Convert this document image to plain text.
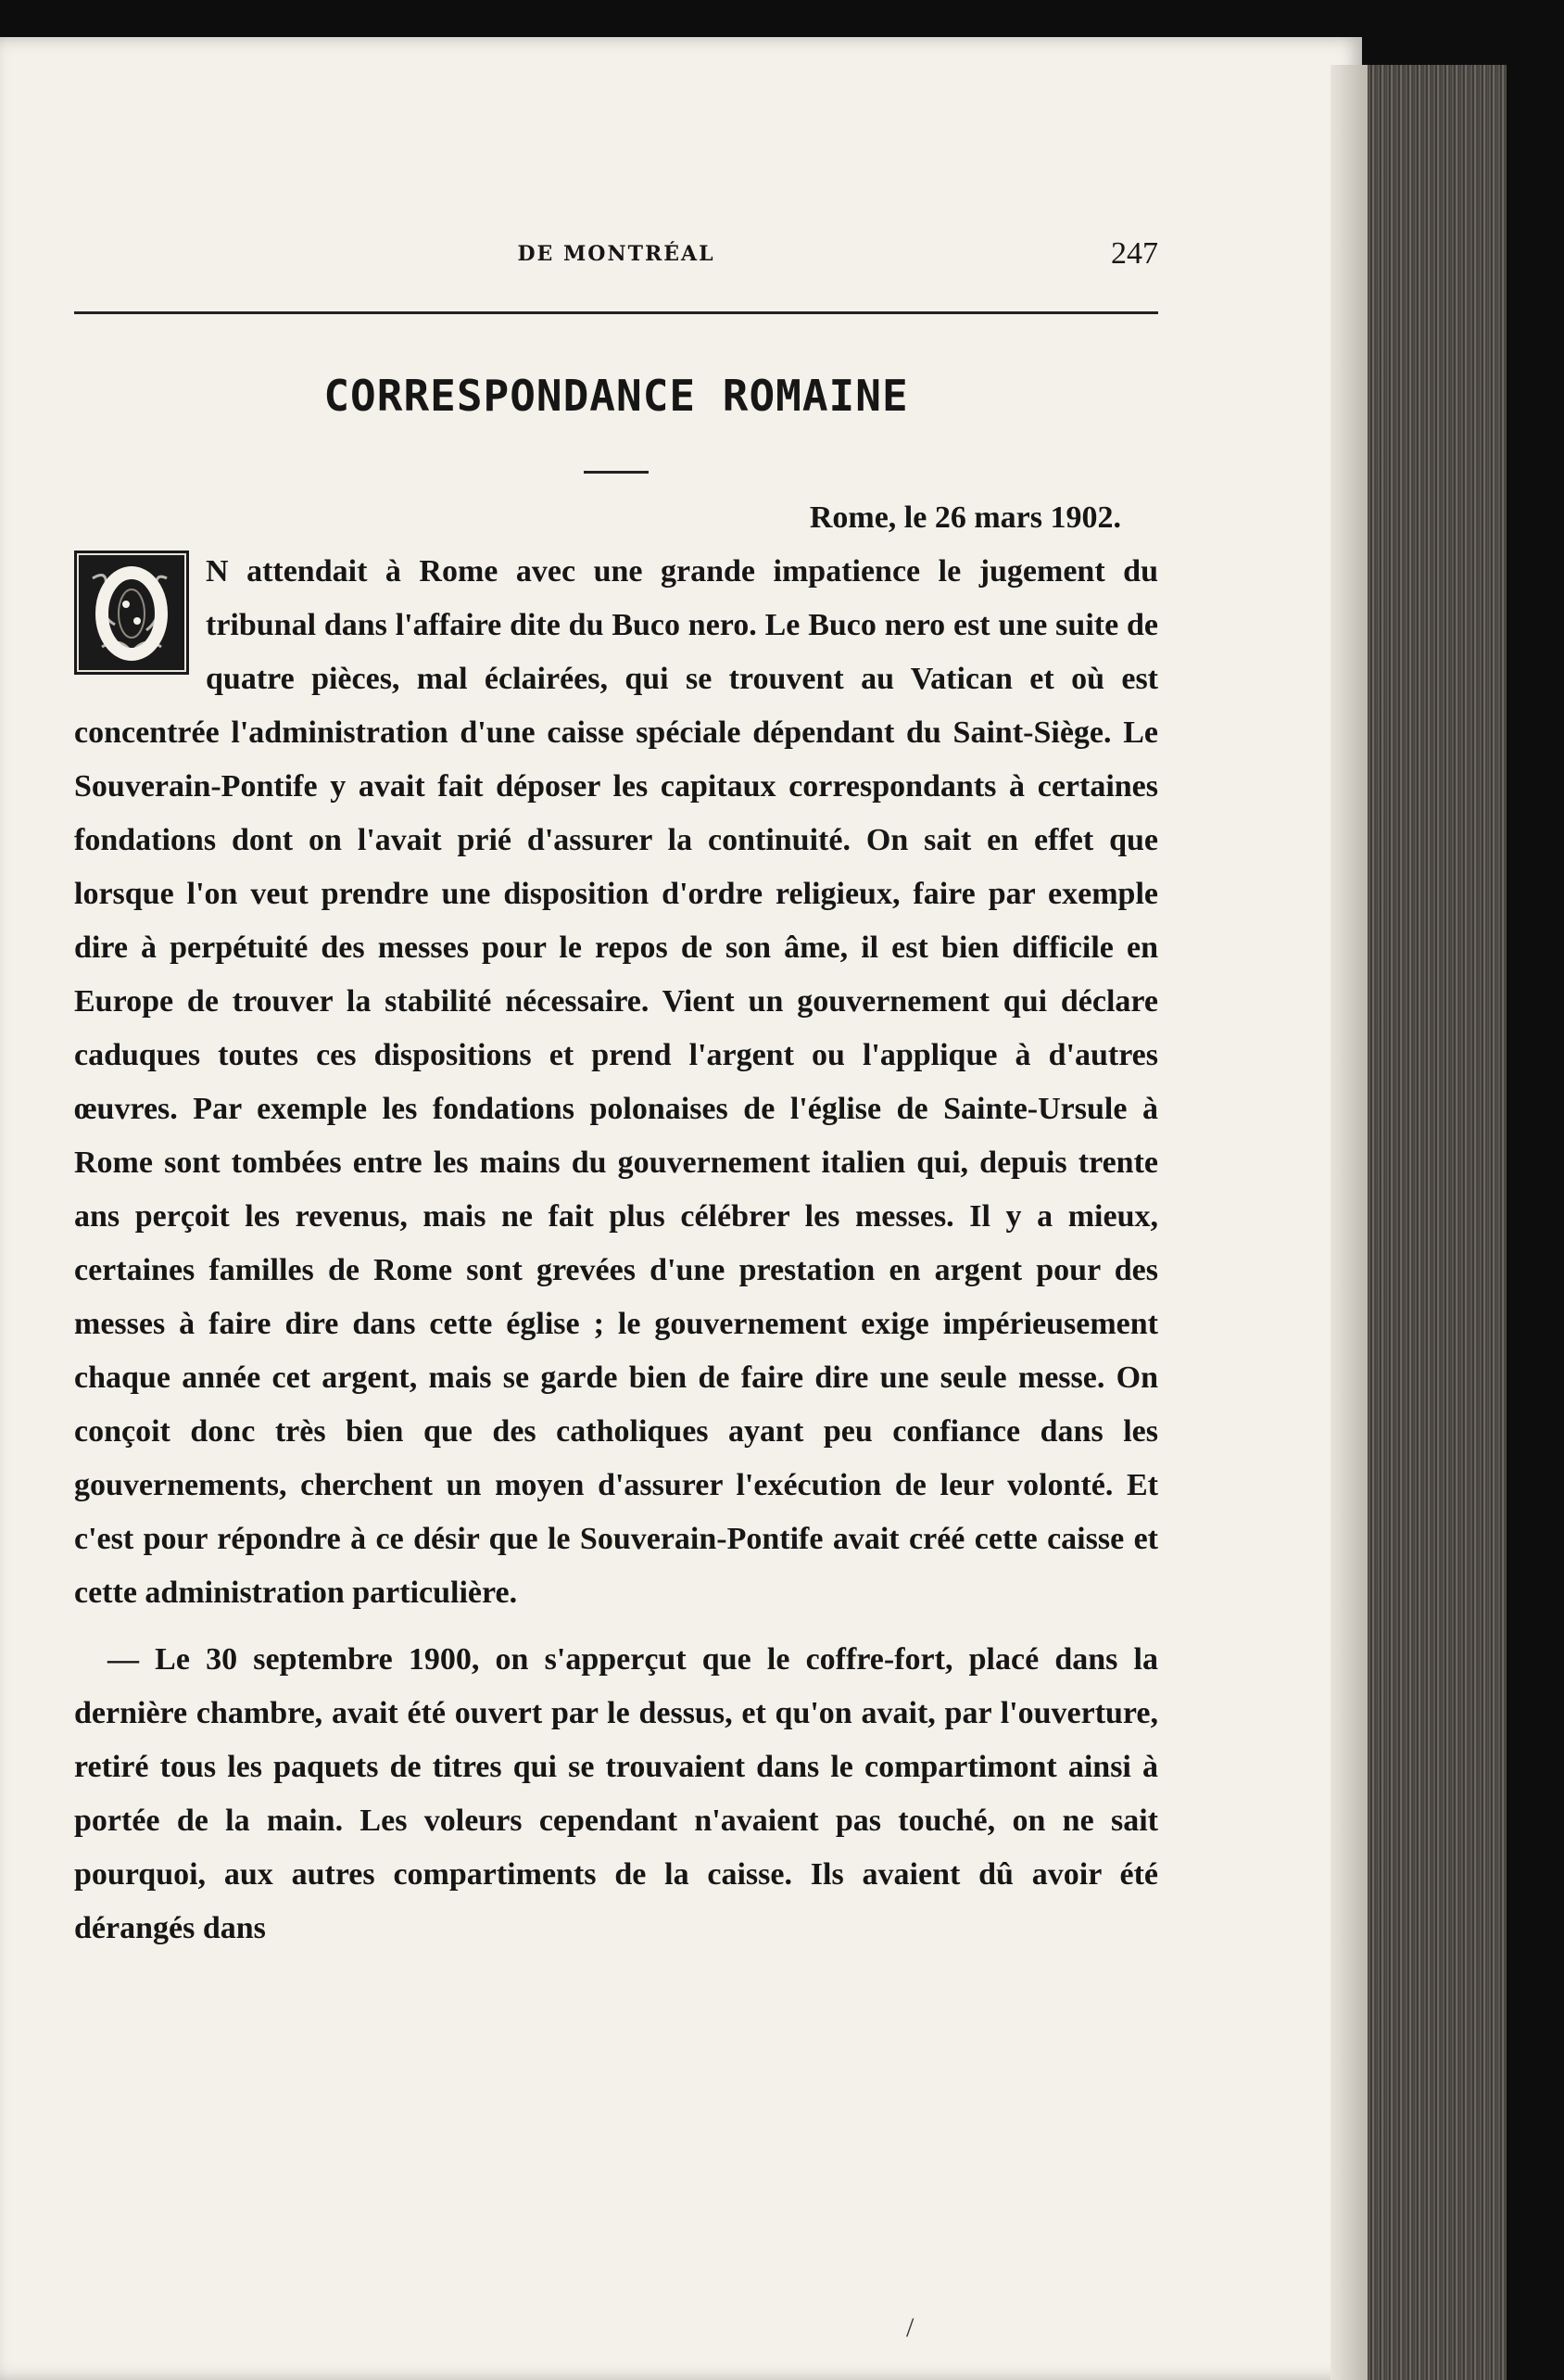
DE MONTRÉAL	247
CORRESPONDANCE ROMAINE
Rome, le 26 mars 1902.

N attendait à Rome avec une grande impatience le jugement du tribunal dans l'affaire dite du Buco nero. Le Buco nero est une suite de quatre pièces, mal éclairées, qui se trouvent au Vatican et où est concentrée l'administration d'une caisse spéciale dépendant du Saint-Siège. Le Souverain-Pontife y avait fait déposer les capitaux correspondants à certaines fondations dont on l'avait prié d'assurer la continuité. On sait en effet que lorsque l'on veut prendre une disposition d'ordre religieux, faire par exemple dire à perpétuité des messes pour le repos de son âme, il est bien difficile en Europe de trouver la stabilité nécessaire. Vient un gouvernement qui déclare caduques toutes ces dispositions et prend l'argent ou l'applique à d'autres œuvres. Par exemple les fondations polonaises de l'église de Sainte-Ursule à Rome sont tombées entre les mains du gouvernement italien qui, depuis trente ans perçoit les revenus, mais ne fait plus célébrer les messes. Il y a mieux, certaines familles de Rome sont grevées d'une prestation en argent pour des messes à faire dire dans cette église ; le gouvernement exige impérieusement chaque année cet argent, mais se garde bien de faire dire une seule messe. On conçoit donc très bien que des catholiques ayant peu confiance dans les gouvernements, cherchent un moyen d'assurer l'exécution de leur volonté. Et c'est pour répondre à ce désir que le Souverain-Pontife avait créé cette caisse et cette administration particulière.

— Le 30 septembre 1900, on s'apperçut que le coffre-fort, placé dans la dernière chambre, avait été ouvert par le dessus, et qu'on avait, par l'ouverture, retiré tous les paquets de titres qui se trouvaient dans le compartimont ainsi à portée de la main. Les voleurs cependant n'avaient pas touché, on ne sait pourquoi, aux autres compartiments de la caisse. Ils avaient dû avoir été dérangés dans

/
